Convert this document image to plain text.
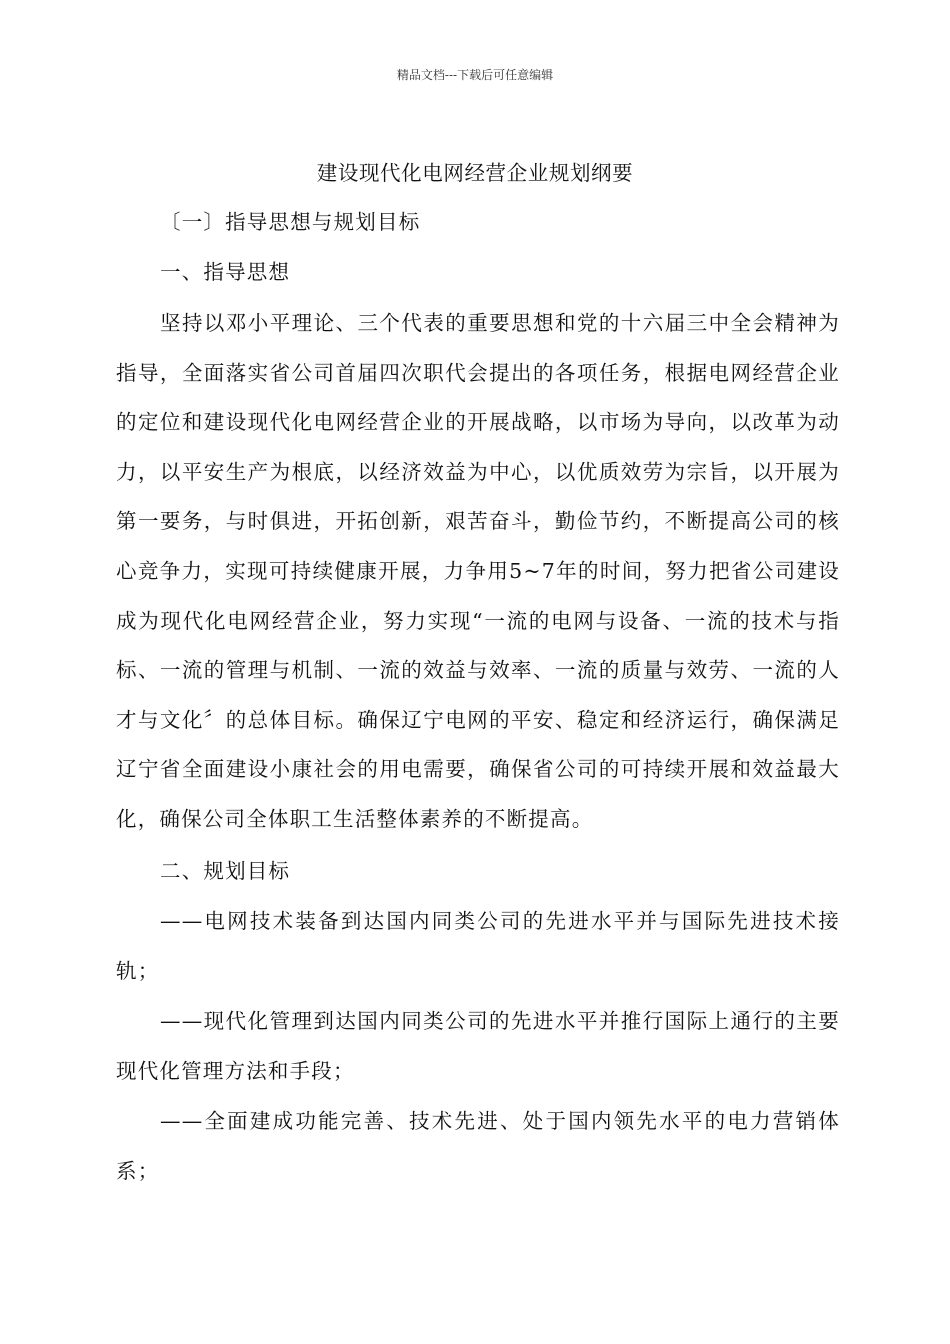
精品文档---下载后可任意编辑
建设现代化电网经营企业规划纲要
〔一〕指导思想与规划目标
一、指导思想
坚持以邓小平理论、三个代表的重要思想和党的十六届三中全会精神为指导，全面落实省公司首届四次职代会提出的各项任务，根据电网经营企业的定位和建设现代化电网经营企业的开展战略，以市场为导向，以改革为动力，以平安生产为根底，以经济效益为中心，以优质效劳为宗旨，以开展为第一要务，与时俱进，开拓创新，艰苦奋斗，勤俭节约，不断提高公司的核心竞争力，实现可持续健康开展，力争用5~7年的时间，努力把省公司建设成为现代化电网经营企业，努力实现“一流的电网与设备、一流的技术与指标、一流的管理与机制、一流的效益与效率、一流的质量与效劳、一流的人才与文化〞的总体目标。确保辽宁电网的平安、稳定和经济运行，确保满足辽宁省全面建设小康社会的用电需要，确保省公司的可持续开展和效益最大化，确保公司全体职工生活整体素养的不断提高。
二、规划目标
——电网技术装备到达国内同类公司的先进水平并与国际先进技术接轨；
——现代化管理到达国内同类公司的先进水平并推行国际上通行的主要现代化管理方法和手段；
——全面建成功能完善、技术先进、处于国内领先水平的电力营销体系；
